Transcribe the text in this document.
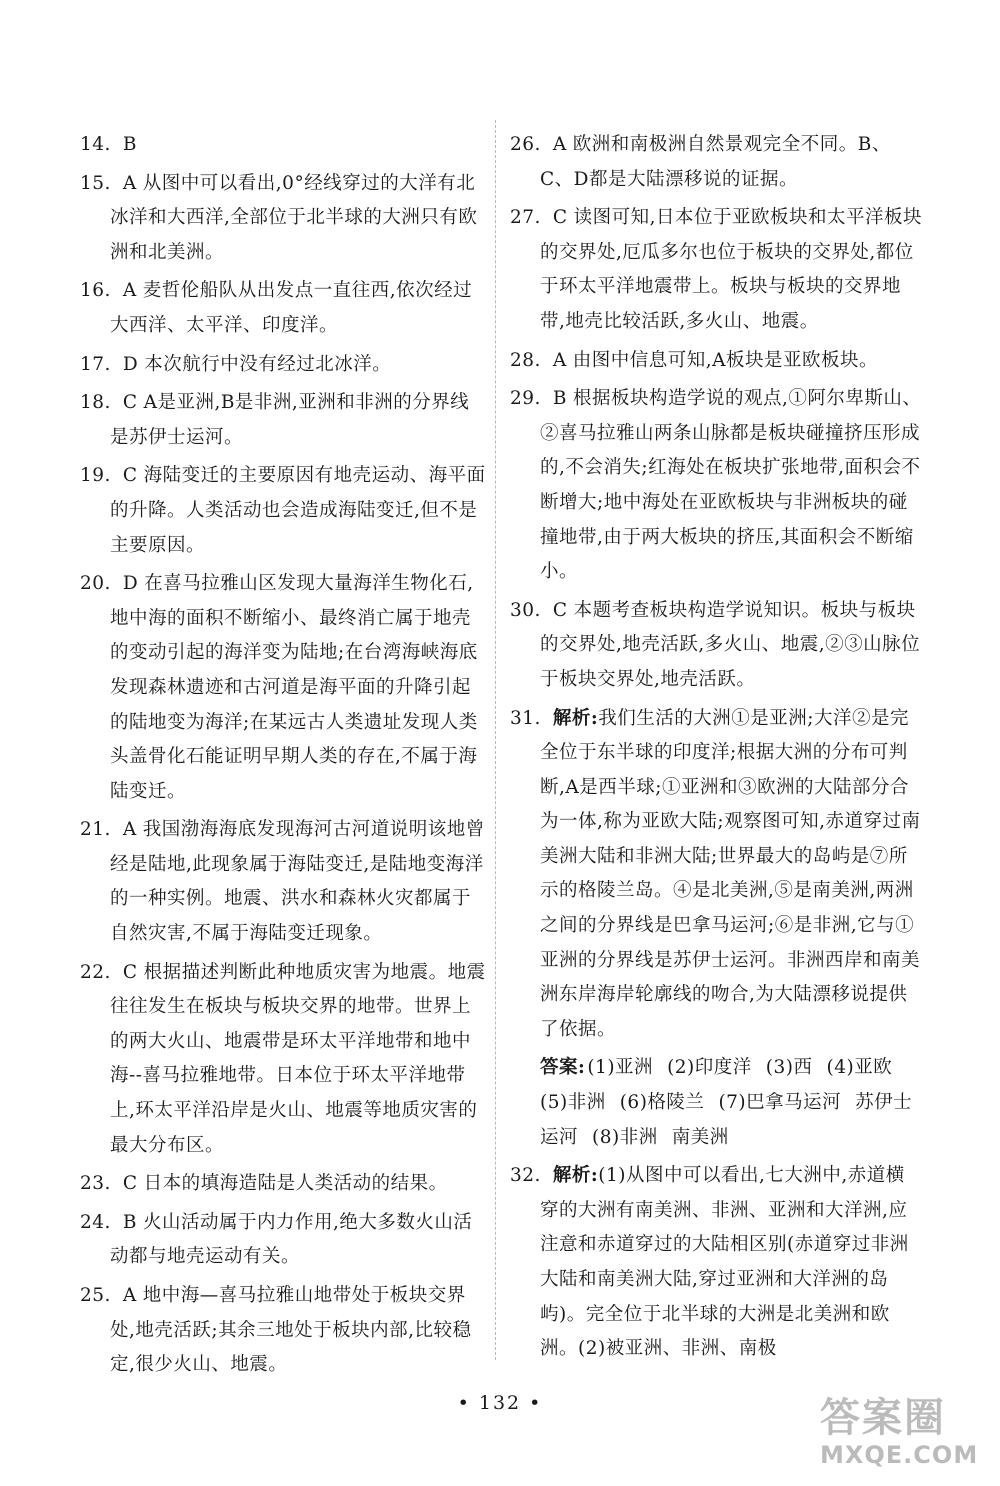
14. B

15. A 从图中可以看出,0°经线穿过的大洋有北冰洋和大西洋,全部位于北半球的大洲只有欧洲和北美洲。

16. A 麦哲伦船队从出发点一直往西,依次经过大西洋、太平洋、印度洋。

17. D 本次航行中没有经过北冰洋。

18. C A是亚洲,B是非洲,亚洲和非洲的分界线是苏伊士运河。

19. C 海陆变迁的主要原因有地壳运动、海平面的升降。人类活动也会造成海陆变迁,但不是主要原因。

20. D 在喜马拉雅山区发现大量海洋生物化石,地中海的面积不断缩小、最终消亡属于地壳的变动引起的海洋变为陆地;在台湾海峡海底发现森林遗迹和古河道是海平面的升降引起的陆地变为海洋;在某远古人类遗址发现人类头盖骨化石能证明早期人类的存在,不属于海陆变迁。

21. A 我国渤海海底发现海河古河道说明该地曾经是陆地,此现象属于海陆变迁,是陆地变海洋的一种实例。地震、洪水和森林火灾都属于自然灾害,不属于海陆变迁现象。

22. C 根据描述判断此种地质灾害为地震。地震往往发生在板块与板块交界的地带。世界上的两大火山、地震带是环太平洋地带和地中海--喜马拉雅地带。日本位于环太平洋地带上,环太平洋沿岸是火山、地震等地质灾害的最大分布区。

23. C 日本的填海造陆是人类活动的结果。

24. B 火山活动属于内力作用,绝大多数火山活动都与地壳运动有关。

25. A 地中海—喜马拉雅山地带处于板块交界处,地壳活跃;其余三地处于板块内部,比较稳定,很少火山、地震。

26. A 欧洲和南极洲自然景观完全不同。B、C、D都是大陆漂移说的证据。

27. C 读图可知,日本位于亚欧板块和太平洋板块的交界处,厄瓜多尔也位于板块的交界处,都位于环太平洋地震带上。板块与板块的交界地带,地壳比较活跃,多火山、地震。

28. A 由图中信息可知,A板块是亚欧板块。

29. B 根据板块构造学说的观点,①阿尔卑斯山、②喜马拉雅山两条山脉都是板块碰撞挤压形成的,不会消失;红海处在板块扩张地带,面积会不断增大;地中海处在亚欧板块与非洲板块的碰撞地带,由于两大板块的挤压,其面积会不断缩小。

30. C 本题考查板块构造学说知识。板块与板块的交界处,地壳活跃,多火山、地震,②③山脉位于板块交界处,地壳活跃。

31. 解析:我们生活的大洲①是亚洲;大洋②是完全位于东半球的印度洋;根据大洲的分布可判断,A是西半球;①亚洲和③欧洲的大陆部分合为一体,称为亚欧大陆;观察图可知,赤道穿过南美洲大陆和非洲大陆;世界最大的岛屿是⑦所示的格陵兰岛。④是北美洲,⑤是南美洲,两洲之间的分界线是巴拿马运河;⑥是非洲,它与①亚洲的分界线是苏伊士运河。非洲西岸和南美洲东岸海岸轮廓线的吻合,为大陆漂移说提供了依据。

答案: (1)亚洲 (2)印度洋 (3)西 (4)亚欧(5)非洲 (6)格陵兰 (7)巴拿马运河 苏伊士运河 (8)非洲 南美洲

32. 解析:(1)从图中可以看出,七大洲中,赤道横穿的大洲有南美洲、非洲、亚洲和大洋洲,应注意和赤道穿过的大陆相区别(赤道穿过非洲大陆和南美洲大陆,穿过亚洲和大洋洲的岛屿)。完全位于北半球的大洲是北美洲和欧洲。(2)被亚洲、非洲、南极

• 132 •	答案圈
MXQE.COM
